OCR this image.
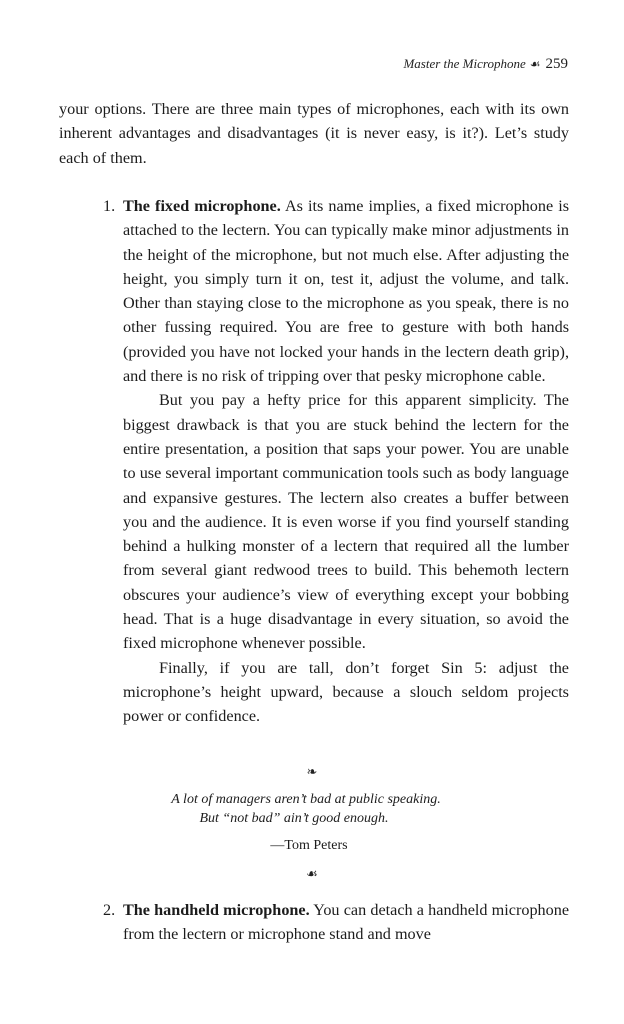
Master the Microphone ☙ 259
your options. There are three main types of microphones, each with its own inherent advantages and disadvantages (it is never easy, is it?). Let’s study each of them.
1. The fixed microphone. As its name implies, a fixed microphone is attached to the lectern. You can typically make minor adjustments in the height of the microphone, but not much else. After adjusting the height, you simply turn it on, test it, adjust the volume, and talk. Other than staying close to the microphone as you speak, there is no other fussing required. You are free to gesture with both hands (provided you have not locked your hands in the lectern death grip), and there is no risk of tripping over that pesky microphone cable.

But you pay a hefty price for this apparent simplicity. The biggest drawback is that you are stuck behind the lectern for the entire presentation, a position that saps your power. You are unable to use several important communication tools such as body language and expansive gestures. The lectern also creates a buffer between you and the audience. It is even worse if you find yourself standing behind a hulking monster of a lectern that required all the lumber from several giant redwood trees to build. This behemoth lectern obscures your audience’s view of everything except your bobbing head. That is a huge disadvantage in every situation, so avoid the fixed microphone whenever possible.

Finally, if you are tall, don’t forget Sin 5: adjust the microphone’s height upward, because a slouch seldom projects power or confidence.

❧
A lot of managers aren’t bad at public speaking.
But “not bad” ain’t good enough.
—Tom Peters
☙
2. The handheld microphone. You can detach a handheld microphone from the lectern or microphone stand and move
